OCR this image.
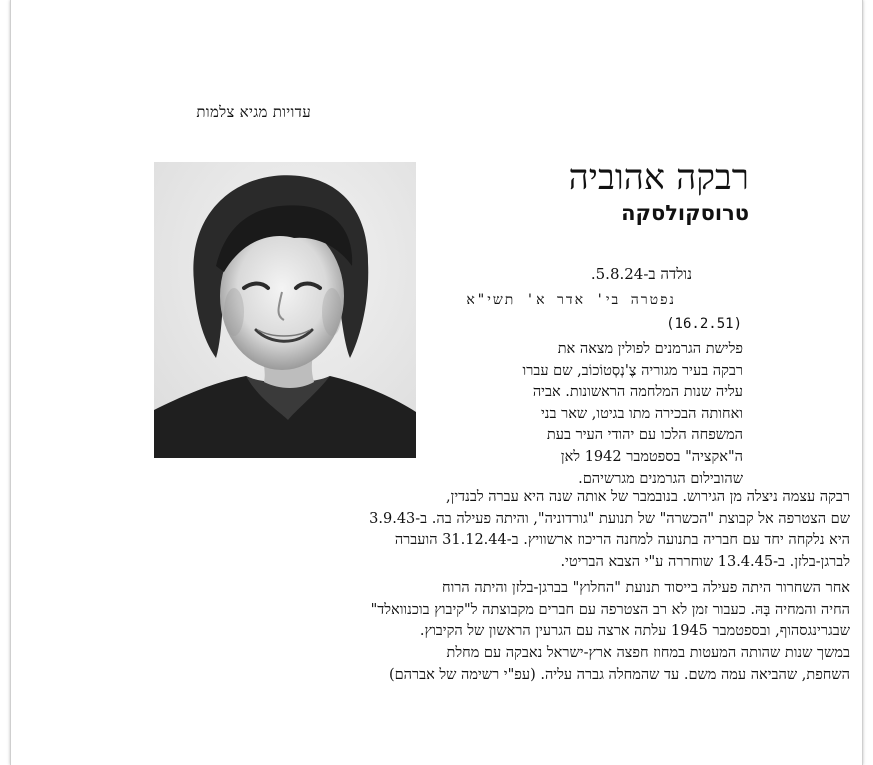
עדויות מגיא צלמות
רבקה אהוביה
טרוסקולסקה
נולדה ב-5.8.24.
נפטרה בי' אדר א' תשי"א
(16.2.51)
פלישת הגרמנים לפולין מצאה את
רבקה בעיר מגוריה צֶ'נְסְטוֹכוֹב, שם עברו
עליה שנות המלחמה הראשונות. אביה
ואחותה הבכירה מתו בגיטו, שאר בני
המשפחה הלכו עם יהודי העיר בעת
ה"אקציה" בספטמבר 1942 לאן
שהובילום הגרמנים מגרשיהם.
רבקה עצמה ניצלה מן הגירוש. בנובמבר של אותה שנה היא עברה לבנדין,
שם הצטרפה אל קבוצת "הכשרה" של תנועת "גורדוניה", והיתה פעילה בה. ב-3.9.43
היא נלקחה יחד עם חבריה בתנועה למחנה הריכוז ארשוויץ. ב-31.12.44 הועברה
לברגן-בלזן. ב-13.4.45 שוחררה ע"י הצבא הבריטי.
אחר השחרור היתה פעילה בייסוד תנועת "החלוץ" בברגן-בלזן והיתה הרוח
החיה והמחיה בָּהּ. כעבור זמן לא רב הצטרפה עם חברים מקבוצתה ל"קיבוץ בוכנוואלד"
שבגרינגסהוף, ובספטמבר 1945 עלתה ארצה עם הגרעין הראשון של הקיבוץ.
במשך שנות שהותה המעטות במחוז חפצה ארץ-ישראל נאבקה עם מחלת
השחפת, שהביאה עמה משם. עד שהמחלה גברה עליה. (עפ"י רשימה של אברהם)
